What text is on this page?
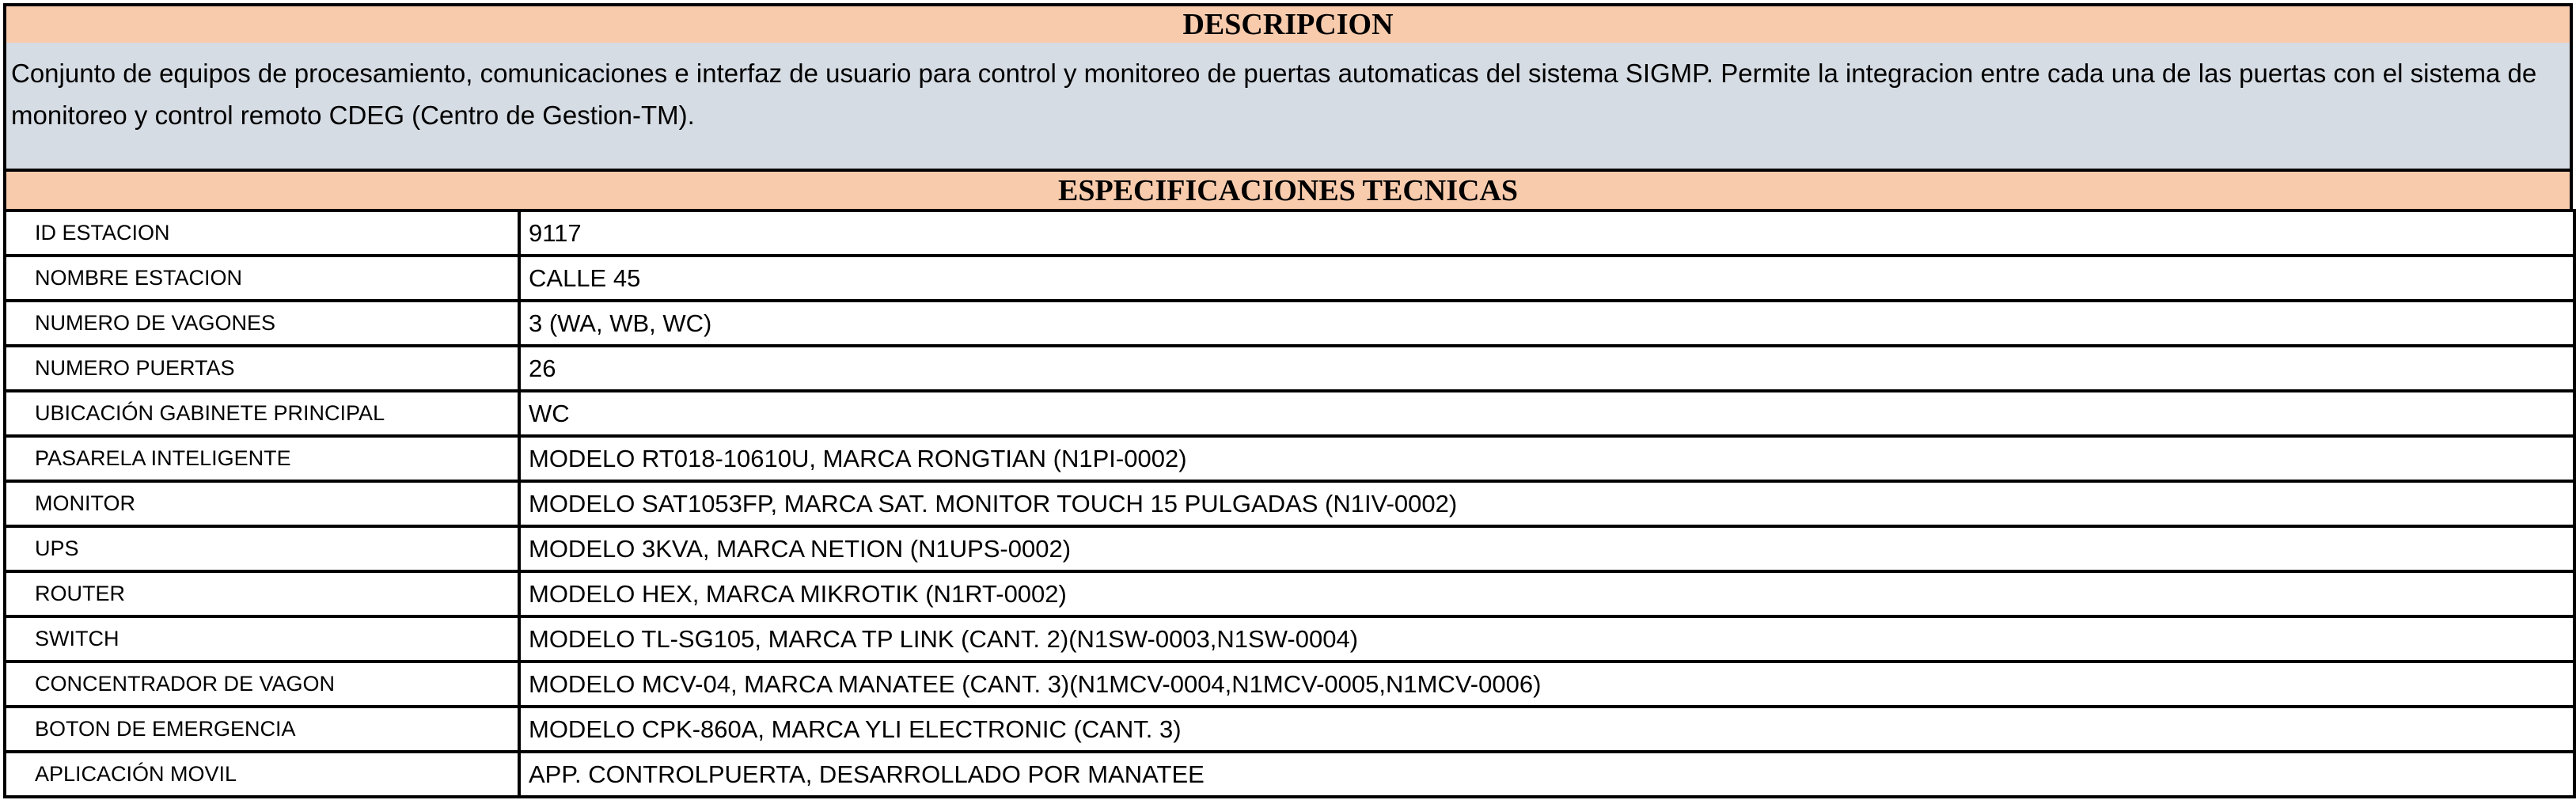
DESCRIPCION
Conjunto de equipos de procesamiento, comunicaciones e interfaz de usuario para control y monitoreo de puertas automaticas del sistema SIGMP. Permite la integracion entre cada una de las puertas con el sistema de monitoreo y control remoto CDEG (Centro de Gestion-TM).
ESPECIFICACIONES TECNICAS
ID ESTACION	9117
NOMBRE ESTACION	CALLE 45
NUMERO DE VAGONES	3 (WA, WB, WC)
NUMERO PUERTAS	26
UBICACIÓN GABINETE PRINCIPAL	WC
PASARELA INTELIGENTE	MODELO RT018-10610U, MARCA RONGTIAN (N1PI-0002)
MONITOR	MODELO SAT1053FP, MARCA SAT. MONITOR TOUCH 15 PULGADAS (N1IV-0002)
UPS	MODELO 3KVA, MARCA NETION (N1UPS-0002)
ROUTER	MODELO HEX, MARCA MIKROTIK (N1RT-0002)
SWITCH	MODELO TL-SG105, MARCA TP LINK (CANT. 2)(N1SW-0003,N1SW-0004)
CONCENTRADOR DE VAGON	MODELO MCV-04, MARCA MANATEE (CANT. 3)(N1MCV-0004,N1MCV-0005,N1MCV-0006)
BOTON DE EMERGENCIA	MODELO CPK-860A, MARCA YLI ELECTRONIC (CANT. 3)
APLICACIÓN MOVIL	APP. CONTROLPUERTA, DESARROLLADO POR MANATEE
